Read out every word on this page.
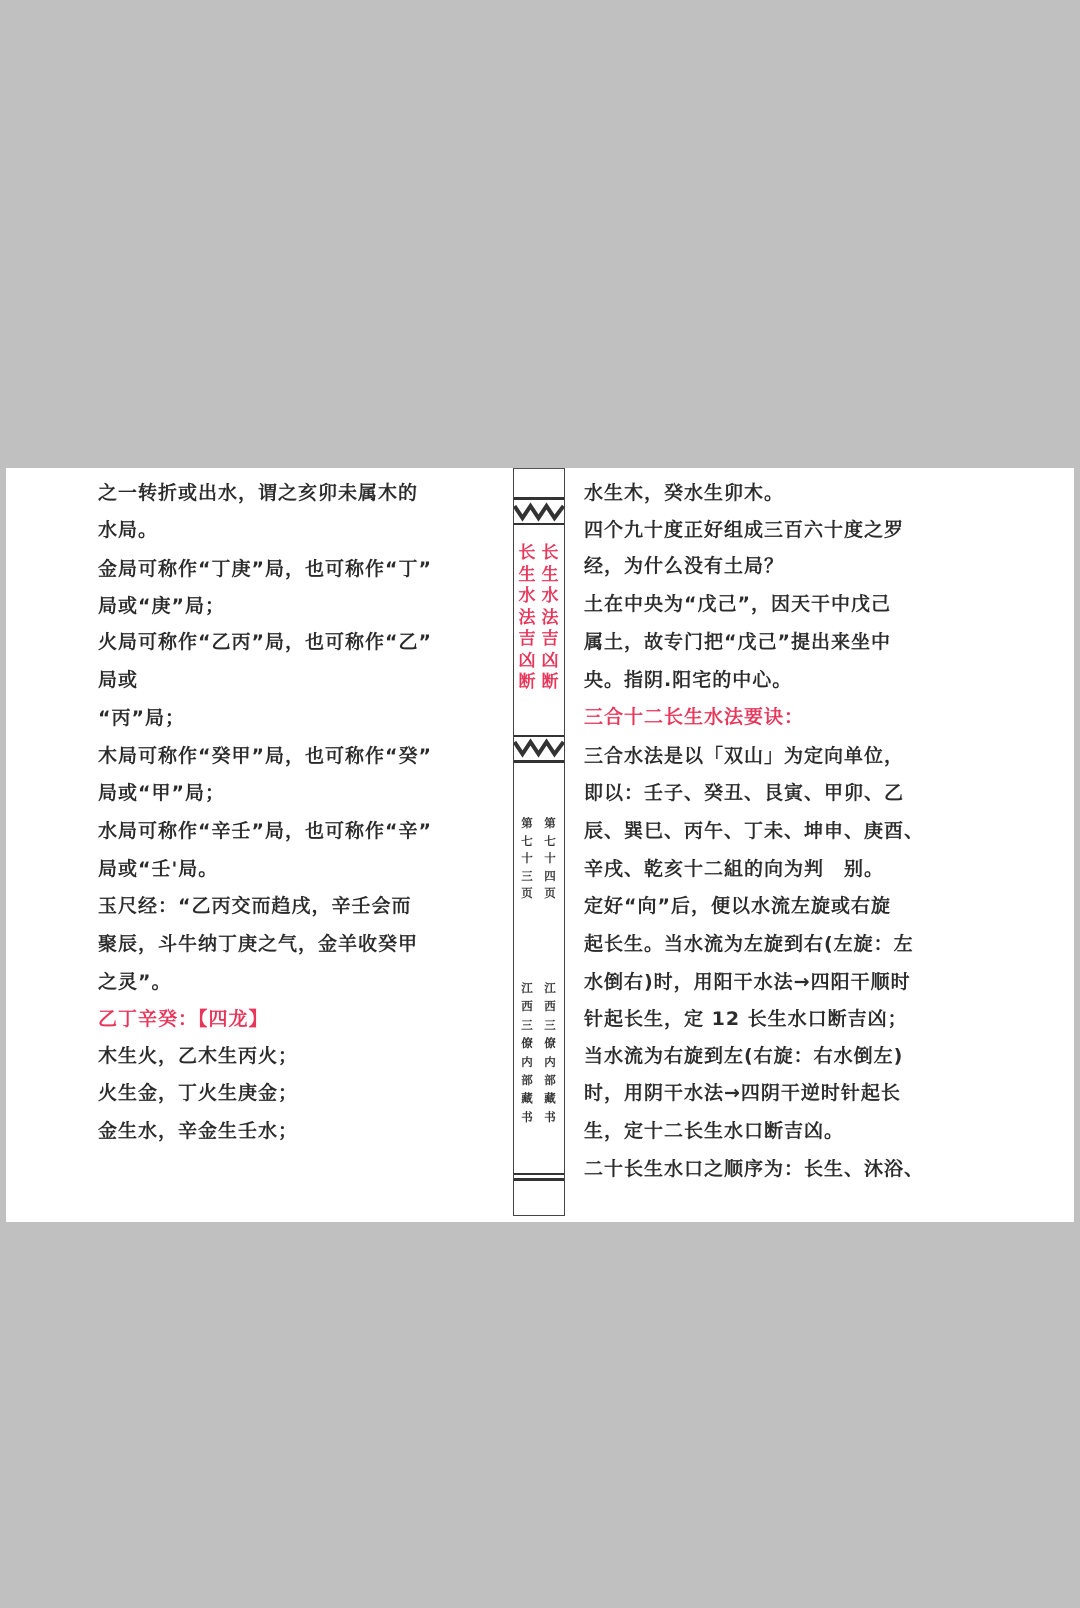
之一转折或出水，谓之亥卯未属木的
水局。
金局可称作“丁庚”局，也可称作“丁”
局或“庚”局；
火局可称作“乙丙”局，也可称作“乙”
局或
“丙”局；
木局可称作“癸甲”局，也可称作“癸”
局或“甲”局；
水局可称作“辛壬”局，也可称作“辛”
局或“壬'局。
玉尺经：“乙丙交而趋戌，辛壬会而
聚辰，斗牛纳丁庚之气，金羊收癸甲
之灵”。
乙丁辛癸：【四龙】
木生火，乙木生丙火；
火生金，丁火生庚金；
金生水，辛金生壬水；
长
生
水
法
吉
凶
断
长
生
水
法
吉
凶
断
第
七
十
三
页
第
七
十
四
页
江
西
三
僚
内
部
藏
书
江
西
三
僚
内
部
藏
书
水生木，癸水生卯木。
四个九十度正好组成三百六十度之罗
经，为什么没有土局？
土在中央为“戊己”，因天干中戊己
属土，故专门把“戊己”提出来坐中
央。指阴.阳宅的中心。
三合十二长生水法要诀：
三合水法是以「双山」为定向单位，
即以：壬子、癸丑、艮寅、甲卯、乙
辰、巽巳、丙午、丁未、坤申、庚酉、
辛戌、乾亥十二組的向为判　别。
定好“向”后，便以水流左旋或右旋
起长生。当水流为左旋到右(左旋：左
水倒右)时，用阳干水法→四阳干顺时
针起长生，定 12 长生水口断吉凶；
当水流为右旋到左(右旋：右水倒左)
时，用阴干水法→四阴干逆时针起长
生，定十二长生水口断吉凶。
二十长生水口之顺序为：长生、沐浴、
